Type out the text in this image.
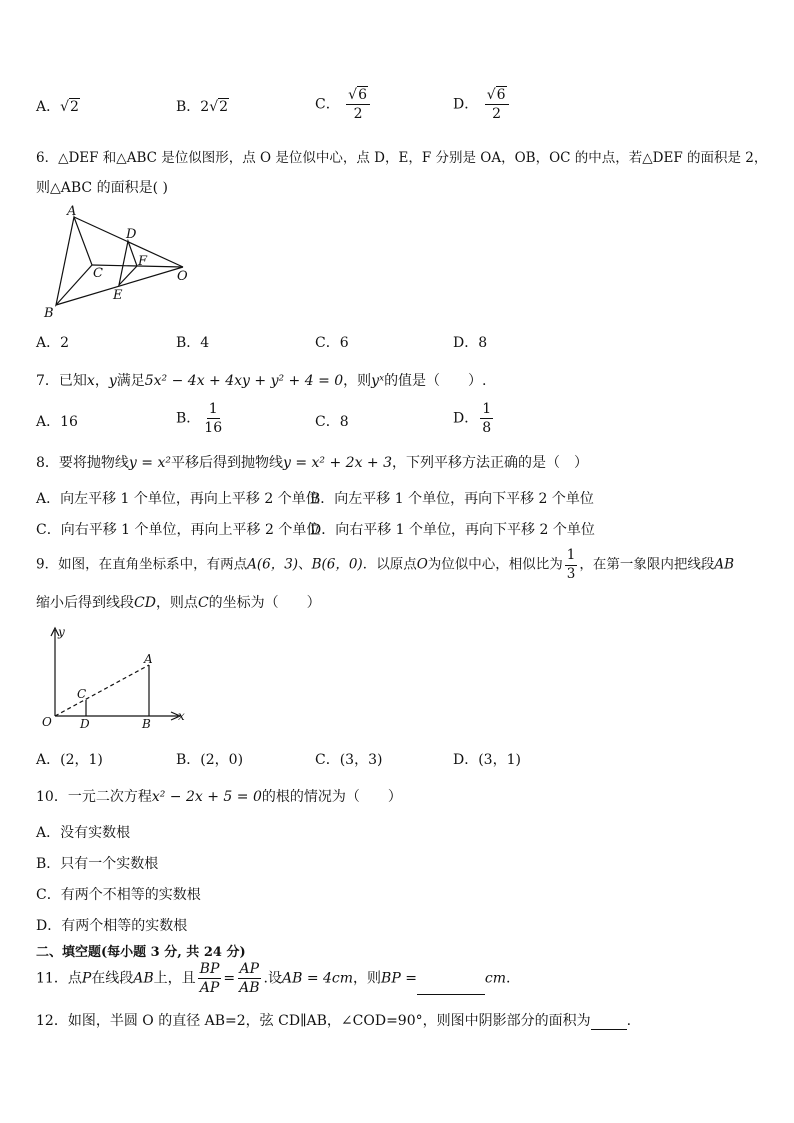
A．√2	B．2√2	C． $\frac{√6}{2}$	D． $\frac{√6}{2}$
6．△DEF 和△ABC 是位似图形，点 O 是位似中心，点 D，E，F 分别是 OA，OB，OC 的中点，若△DEF 的面积是 2，
则△ABC 的面积是( )
A
B
C
D
E
F
O
A．2	B．4	C．6	D．8
7．已知x，y满足5x² − 4x + 4xy + y² + 4 = 0，则yˣ的值是（　　）.
A．16	B． $\frac{1}{16}$	C．8	D． $\frac{1}{8}$
8．要将抛物线y = x²平移后得到抛物线y = x² + 2x + 3，下列平移方法正确的是（　）
A．向左平移 1 个单位，再向上平移 2 个单位
B．向左平移 1 个单位，再向下平移 2 个单位
C．向右平移 1 个单位，再向上平移 2 个单位
D．向右平移 1 个单位，再向下平移 2 个单位
9．如图，在直角坐标系中，有两点A(6，3)、B(6，0)．以原点O为位似中心，相似比为 $\frac{1}{3}$ ，在第一象限内把线段AB
缩小后得到线段CD，则点C的坐标为（　　）
y
x
O
A
B
C
D
A．(2，1)	B．(2，0)	C．(3，3)	D．(3，1)
10．一元二次方程x² − 2x + 5 = 0的根的情况为（　　）
A．没有实数根
B．只有一个实数根
C．有两个不相等的实数根
D．有两个相等的实数根
二、填空题(每小题 3 分, 共 24 分)
11．点P在线段AB上，且 $\frac{BP}{AP} = \frac{AP}{AB}$ .设AB = 4cm，则BP =	cm.
12．如图，半圆 O 的直径 AB=2，弦 CD∥AB，∠COD=90°，则图中阴影部分的面积为	.
